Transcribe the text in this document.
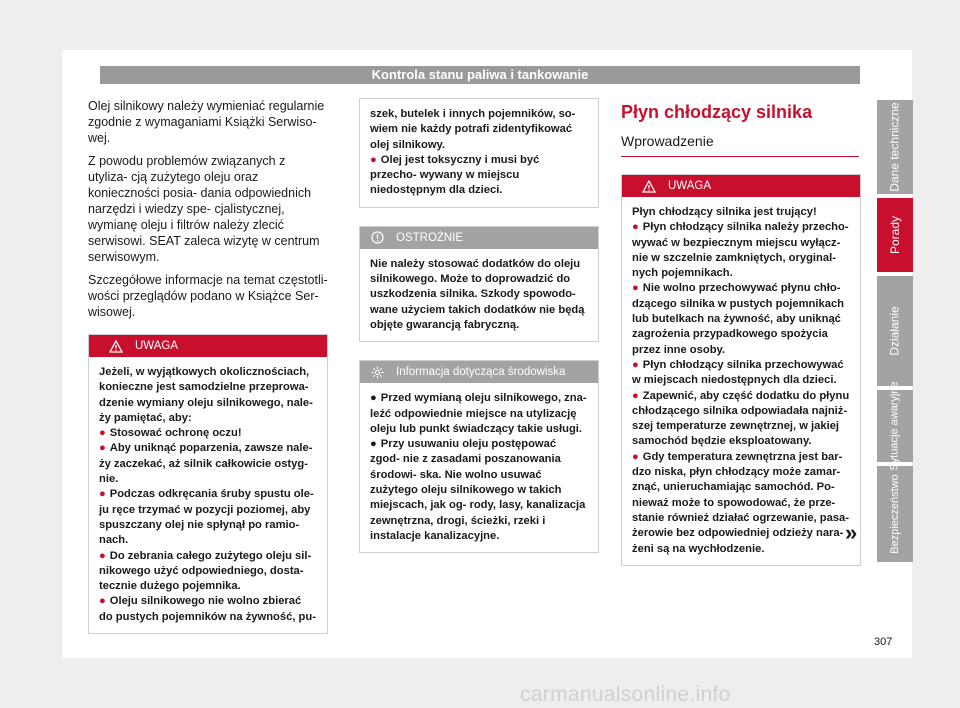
Kontrola stanu paliwa i tankowanie

Olej silnikowy należy wymieniać regularnie zgodnie z wymaganiami Książki Serwiso- wej.

Z powodu problemów związanych z utyliza- cją zużytego oleju oraz konieczności posia- dania odpowiednich narzędzi i wiedzy spe- cjalistycznej, wymianę oleju i filtrów należy zlecić serwisowi. SEAT zaleca wizytę w centrum serwisowym.

Szczegółowe informacje na temat częstotli- wości przeglądów podano w Książce Ser- wisowej.

UWAGA

Jeżeli, w wyjątkowych okolicznościach, konieczne jest samodzielne przeprowa- dzenie wymiany oleju silnikowego, nale- ży pamiętać, aby:

● Stosować ochronę oczu!

● Aby uniknąć poparzenia, zawsze nale- ży zaczekać, aż silnik całkowicie ostyg- nie.

● Podczas odkręcania śruby spustu ole- ju ręce trzymać w pozycji poziomej, aby spuszczany olej nie spłynął po ramio- nach.

● Do zebrania całego zużytego oleju sil- nikowego użyć odpowiedniego, dosta- tecznie dużego pojemnika.

● Oleju silnikowego nie wolno zbierać do pustych pojemników na żywność, pu-

szek, butelek i innych pojemników, so- wiem nie każdy potrafi zidentyfikować olej silnikowy.

● Olej jest toksyczny i musi być przecho- wywany w miejscu niedostępnym dla dzieci.

OSTROŻNIE

Nie należy stosować dodatków do oleju silnikowego. Może to doprowadzić do uszkodzenia silnika. Szkody spowodo- wane użyciem takich dodatków nie będą objęte gwarancją fabryczną.

Informacja dotycząca środowiska

● Przed wymianą oleju silnikowego, zna- leźć odpowiednie miejsce na utylizację oleju lub punkt świadczący takie usługi.

● Przy usuwaniu oleju postępować zgod- nie z zasadami poszanowania środowi- ska. Nie wolno usuwać zużytego oleju silnikowego w takich miejscach, jak og- rody, lasy, kanalizacja zewnętrzna, drogi, ścieżki, rzeki i instalacje kanalizacyjne.

Płyn chłodzący silnika
Wprowadzenie
UWAGA

Płyn chłodzący silnika jest trujący!

● Płyn chłodzący silnika należy przecho- wywać w bezpiecznym miejscu wyłącz- nie w szczelnie zamkniętych, oryginal- nych pojemnikach.

● Nie wolno przechowywać płynu chło- dzącego silnika w pustych pojemnikach lub butelkach na żywność, aby uniknąć zagrożenia przypadkowego spożycia przez inne osoby.

● Płyn chłodzący silnika przechowywać w miejscach niedostępnych dla dzieci.

● Zapewnić, aby część dodatku do płynu chłodzącego silnika odpowiadała najniż- szej temperaturze zewnętrznej, w jakiej samochód będzie eksploatowany.

● Gdy temperatura zewnętrzna jest bar- dzo niska, płyn chłodzący może zamar- znąć, unieruchamiając samochód. Po- nieważ może to spowodować, że prze- stanie również działać ogrzewanie, pasa- żerowie bez odpowiedniej odzieży nara- żeni są na wychłodzenie.

»
Dane techniczne
Porady
Działanie
Sytuacje awaryjne
Bezpieczeństwo
307
carmanualsonline.info
